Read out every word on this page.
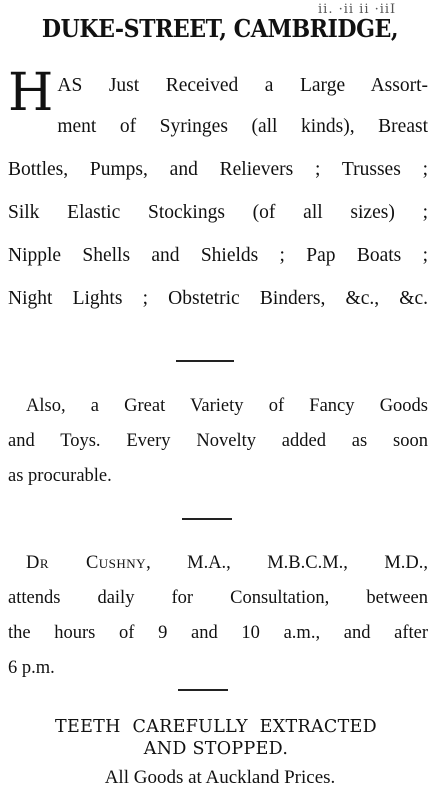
ii. ·ii ii ·iiI
DUKE-STREET, CAMBRIDGE,
H AS Just Received a Large Assort-
ment of Syringes (all kinds), Breast
Bottles, Pumps, and Relievers ; Trusses ;
Silk Elastic Stockings (of all sizes) ;
Nipple Shells and Shields ; Pap Boats ;
Night Lights ; Obstetric Binders, &c., &c.
Also, a Great Variety of Fancy Goods
and Toys. Every Novelty added as soon
as procurable.
Dr Cushny, M.A., M.B.C.M., M.D.,
attends daily for Consultation, between
the hours of 9 and 10 a.m., and after
6 p.m.
TEETH CAREFULLY EXTRACTED
AND STOPPED.
All Goods at Auckland Prices.
